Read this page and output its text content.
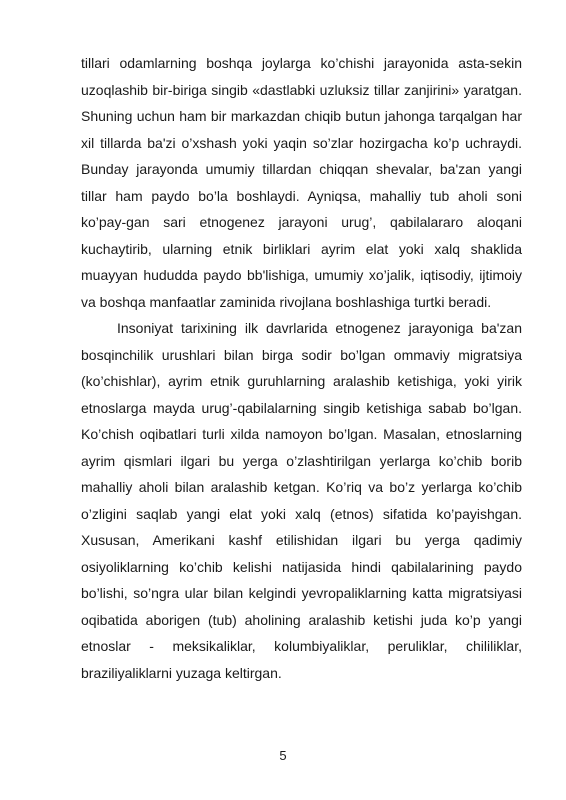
tillari odamlarning boshqa joylarga ko’chishi jarayonida asta-sekin uzoqlashib bir-biriga singib «dastlabki uzluksiz tillar zanjirini» yaratgan. Shuning uchun ham bir markazdan chiqib butun jahonga tarqalgan har xil tillarda ba'zi o’xshash yoki yaqin so’zlar hozirgacha ko’p uchraydi. Bunday jarayonda umumiy tillardan chiqqan shevalar, ba'zan yangi tillar ham paydo bo’la boshlaydi. Ayniqsa, mahalliy tub aholi soni ko’pay-gan sari etnogenez jarayoni urug’, qabilalararo aloqani kuchaytirib, ularning etnik birliklari ayrim elat yoki xalq shaklida muayyan hududda paydo bb'lishiga, umumiy xo’jalik, iqtisodiy, ijtimoiy va boshqa manfaatlar zaminida rivojlana boshlashiga turtki beradi.

Insoniyat tarixining ilk davrlarida etnogenez jarayoniga ba'zan bosqinchilik urushlari bilan birga sodir bo’lgan ommaviy migratsiya (ko’chishlar), ayrim etnik guruhlarning aralashib ketishiga, yoki yirik etnoslarga mayda urug’-qabilalarning singib ketishiga sabab bo’lgan. Ko’chish oqibatlari turli xilda namoyon bo’lgan. Masalan, etnoslarning ayrim qismlari ilgari bu yerga o’zlashtirilgan yerlarga ko’chib borib mahalliy aholi bilan aralashib ketgan. Ko’riq va bo’z yerlarga ko’chib o’zligini saqlab yangi elat yoki xalq (etnos) sifatida ko’payishgan. Xususan, Amerikani kashf etilishidan ilgari bu yerga qadimiy osiyoliklarning ko’chib kelishi natijasida hindi qabilalarining paydo bo’lishi, so’ngra ular bilan kelgindi yevropaliklarning katta migratsiyasi oqibatida aborigen (tub) aholining aralashib ketishi juda ko’p yangi etnoslar - meksikaliklar, kolumbiyaliklar, peruliklar, chililiklar, braziliyaliklarni yuzaga keltirgan.

5
